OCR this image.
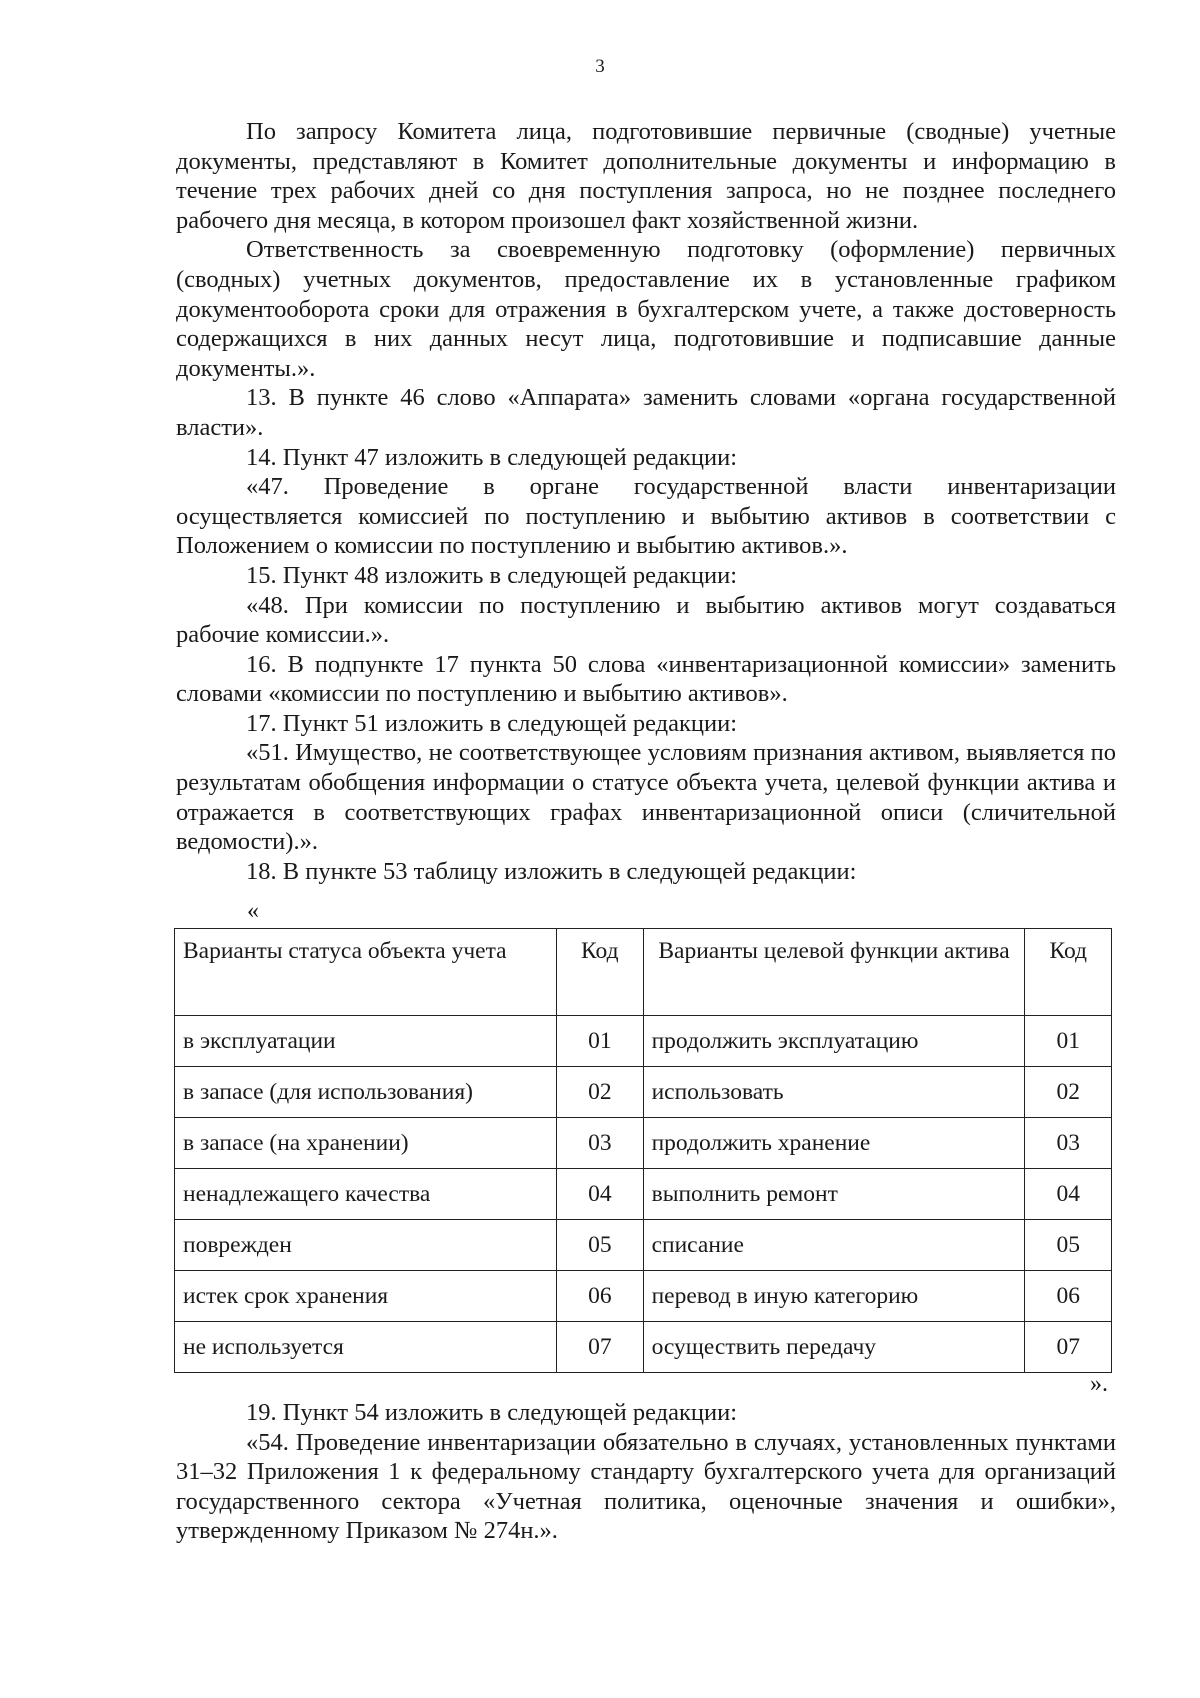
3

По запросу Комитета лица, подготовившие первичные (сводные) учетные документы, представляют в Комитет дополнительные документы и информацию в течение трех рабочих дней со дня поступления запроса, но не позднее последнего рабочего дня месяца, в котором произошел факт хозяйственной жизни.

Ответственность за своевременную подготовку (оформление) первичных (сводных) учетных документов, предоставление их в установленные графиком документооборота сроки для отражения в бухгалтерском учете, а также достоверность содержащихся в них данных несут лица, подготовившие и подписавшие данные документы.».

13. В пункте 46 слово «Аппарата» заменить словами «органа государственной власти».

14. Пункт 47 изложить в следующей редакции:

«47. Проведение в органе государственной власти инвентаризации осуществляется комиссией по поступлению и выбытию активов в соответствии с Положением о комиссии по поступлению и выбытию активов.».

15. Пункт 48 изложить в следующей редакции:

«48. При комиссии по поступлению и выбытию активов могут создаваться рабочие комиссии.».

16. В подпункте 17 пункта 50 слова «инвентаризационной комиссии» заменить словами «комиссии по поступлению и выбытию активов».

17. Пункт 51 изложить в следующей редакции:

«51. Имущество, не соответствующее условиям признания активом, выявляется по результатам обобщения информации о статусе объекта учета, целевой функции актива и отражается в соответствующих графах инвентаризационной описи (сличительной ведомости).».

18. В пункте 53 таблицу изложить в следующей редакции:

«
Варианты статуса объекта учета	Код	Варианты целевой функции актива	Код
в эксплуатации	01	продолжить эксплуатацию	01
в запасе (для использования)	02	использовать	02
в запасе (на хранении)	03	продолжить хранение	03
ненадлежащего качества	04	выполнить ремонт	04
поврежден	05	списание	05
истек срок хранения	06	перевод в иную категорию	06
не используется	07	осуществить передачу	07
».

19. Пункт 54 изложить в следующей редакции:

«54. Проведение инвентаризации обязательно в случаях, установленных пунктами 31–32 Приложения 1 к федеральному стандарту бухгалтерского учета для организаций государственного сектора «Учетная политика, оценочные значения и ошибки», утвержденному Приказом № 274н.».
